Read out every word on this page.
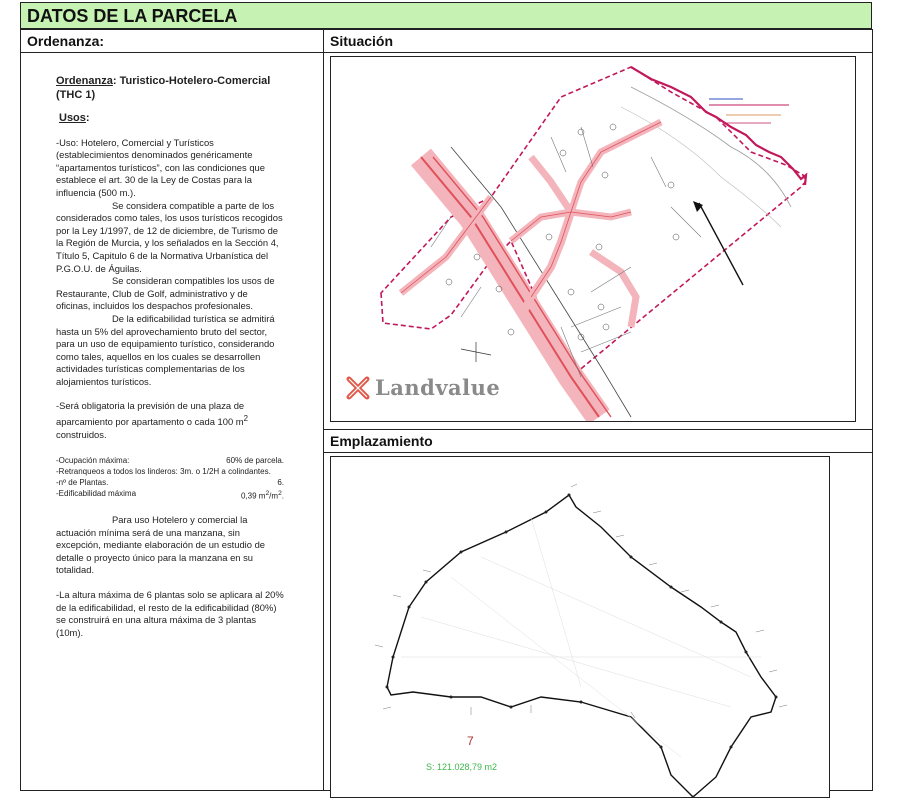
DATOS DE LA PARCELA
Ordenanza:

Ordenanza: Turistico-Hotelero-Comercial (THC 1)

Usos:

-Uso: Hotelero, Comercial y Turísticos (establecimientos denominados genéricamente “apartamentos turísticos”, con las condiciones que establece el art. 30 de la Ley de Costas para la influencia (500 m.).

Se considera compatible a parte de los considerados como tales, los usos turísticos recogidos por la Ley 1/1997, de 12 de diciembre, de Turismo de la Región de Murcia, y los señalados en la Sección 4, Título 5, Capitulo 6 de la Normativa Urbanística del P.G.O.U. de Águilas.

Se consideran compatibles los usos de Restaurante, Club de Golf, administrativo y de oficinas, incluidos los despachos profesionales.

De la edificabilidad turística se admitirá hasta un 5% del aprovechamiento bruto del sector, para un uso de equipamiento turístico, considerando como tales, aquellos en los cuales se desarrollen actividades turísticas complementarias de los alojamientos turísticos.

-Será obligatoria la previsión de una plaza de aparcamiento por apartamento o cada 100 $m^2$ construidos.

-Ocupación máxima:	60% de parcela.
-Retranqueos a todos los linderos: 3m. o 1/2H a colindantes.
-nº de Plantas.	6.
-Edificabilidad máxima	0,39 $m^2/m^2$.

Para uso Hotelero y comercial la actuación mínima será de una manzana, sin excepción, mediante elaboración de un estudio de detalle o proyecto único para la manzana en su totalidad.

-La altura máxima de 6 plantas solo se aplicara al 20% de la edificabilidad, el resto de la edificabilidad (80%) se construirá en una altura máxima de 3 plantas (10m).

Situación
Landvalue
Emplazamiento
7
S: 121.028,79 m2
